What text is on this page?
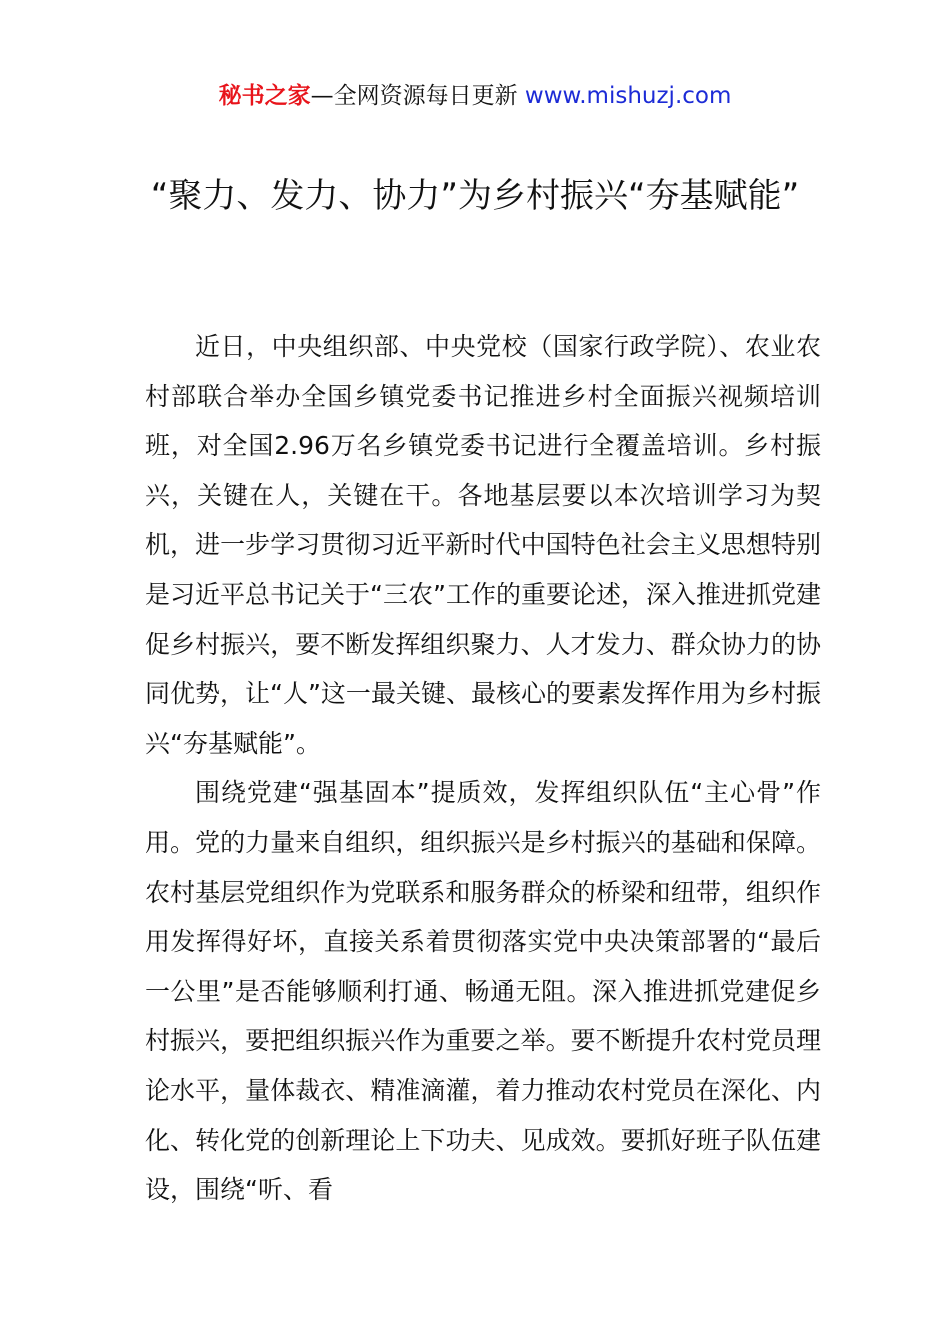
秘书之家—全网资源每日更新 www.mishuzj.com
“聚力、发力、协力”为乡村振兴“夯基赋能”

近日，中央组织部、中央党校（国家行政学院）、农业农村部联合举办全国乡镇党委书记推进乡村全面振兴视频培训班，对全国2.96万名乡镇党委书记进行全覆盖培训。乡村振兴，关键在人，关键在干。各地基层要以本次培训学习为契机，进一步学习贯彻习近平新时代中国特色社会主义思想特别是习近平总书记关于“三农”工作的重要论述，深入推进抓党建促乡村振兴，要不断发挥组织聚力、人才发力、群众协力的协同优势，让“人”这一最关键、最核心的要素发挥作用为乡村振兴“夯基赋能”。

围绕党建“强基固本”提质效，发挥组织队伍“主心骨”作用。党的力量来自组织，组织振兴是乡村振兴的基础和保障。农村基层党组织作为党联系和服务群众的桥梁和纽带，组织作用发挥得好坏，直接关系着贯彻落实党中央决策部署的“最后一公里”是否能够顺利打通、畅通无阻。深入推进抓党建促乡村振兴，要把组织振兴作为重要之举。要不断提升农村党员理论水平，量体裁衣、精准滴灌，着力推动农村党员在深化、内化、转化党的创新理论上下功夫、见成效。要抓好班子队伍建设，围绕“听、看
